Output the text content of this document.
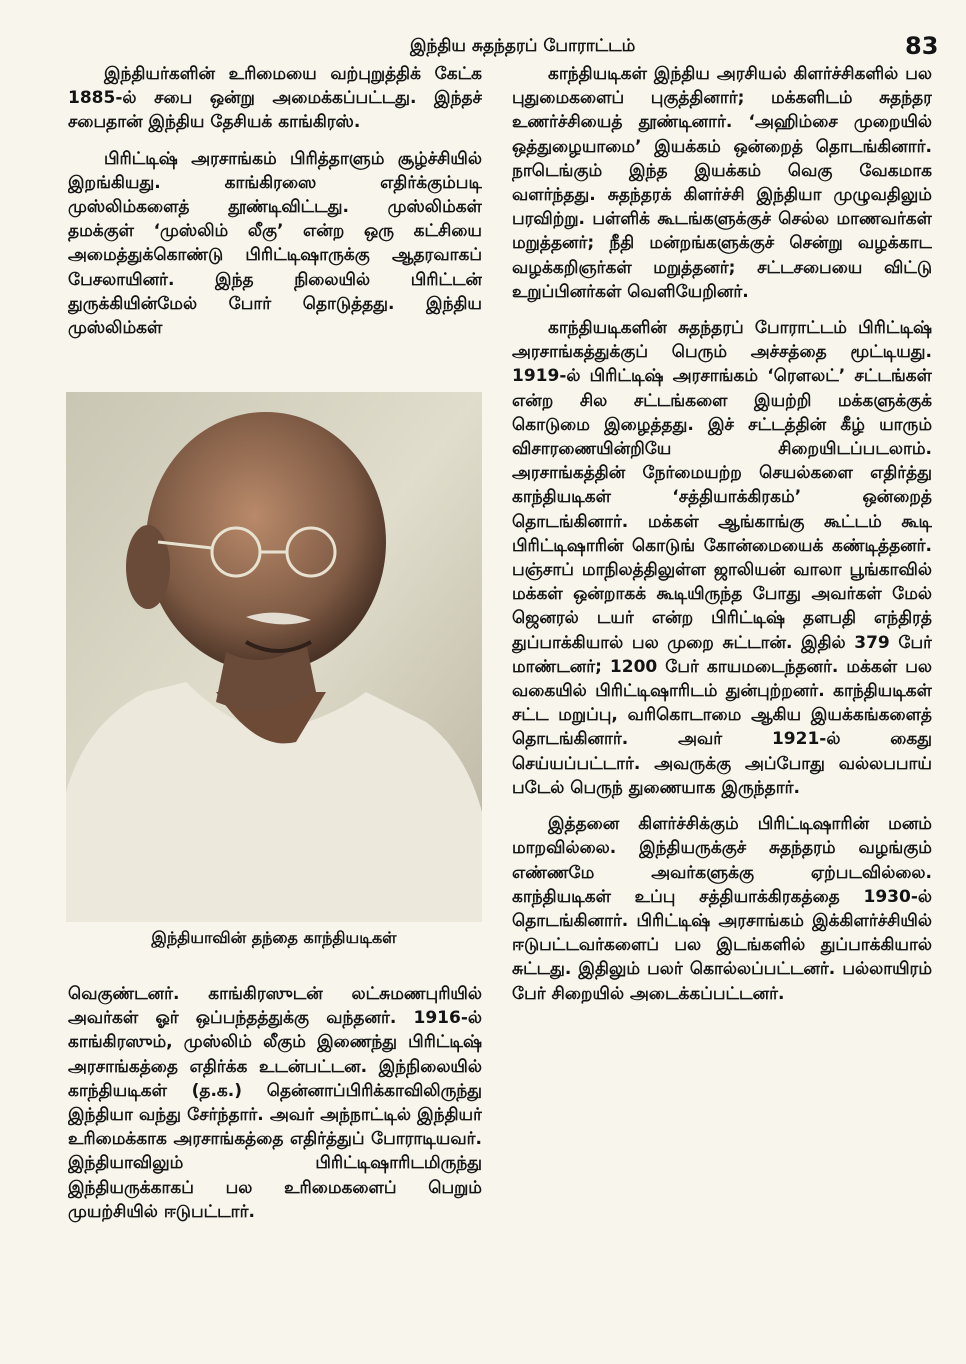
இந்திய சுதந்தரப் போராட்டம்	83

இந்தியர்களின் உரிமையை வற்புறுத்திக் கேட்க 1885-ல் சபை ஒன்று அமைக்கப்பட்டது. இந்தச் சபைதான் இந்திய தேசியக் காங்கிரஸ்.

பிரிட்டிஷ் அரசாங்கம் பிரித்தாளும் சூழ்ச்சியில் இறங்கியது. காங்கிரஸை எதிர்க்கும்படி முஸ்லிம்களைத் தூண்டிவிட்டது. முஸ்லிம்கள் தமக்குள் ‘முஸ்லிம் லீகு’ என்ற ஒரு கட்சியை அமைத்துக்கொண்டு பிரிட்டிஷாருக்கு ஆதரவாகப் பேசலாயினர். இந்த நிலையில் பிரிட்டன் துருக்கியின்மேல் போர் தொடுத்தது. இந்திய முஸ்லிம்கள்

இந்தியாவின் தந்தை காந்தியடிகள்

வெகுண்டனர். காங்கிரஸுடன் லட்சுமணபுரியில் அவர்கள் ஓர் ஒப்பந்தத்துக்கு வந்தனர். 1916-ல் காங்கிரஸும், முஸ்லிம் லீகும் இணைந்து பிரிட்டிஷ் அரசாங்கத்தை எதிர்க்க உடன்பட்டன. இந்நிலையில் காந்தியடிகள் (த.க.) தென்னாப்பிரிக்காவிலிருந்து இந்தியா வந்து சேர்ந்தார். அவர் அந்நாட்டில் இந்தியர் உரிமைக்காக அரசாங்கத்தை எதிர்த்துப் போராடியவர். இந்தியாவிலும் பிரிட்டிஷாரிடமிருந்து இந்தியருக்காகப் பல உரிமைகளைப் பெறும் முயற்சியில் ஈடுபட்டார்.

காந்தியடிகள் இந்திய அரசியல் கிளர்ச்சிகளில் பல புதுமைகளைப் புகுத்தினார்; மக்களிடம் சுதந்தர உணர்ச்சியைத் தூண்டினார். ‘அஹிம்சை முறையில் ஒத்துழையாமை’ இயக்கம் ஒன்றைத் தொடங்கினார். நாடெங்கும் இந்த இயக்கம் வெகு வேகமாக வளர்ந்தது. சுதந்தரக் கிளர்ச்சி இந்தியா முழுவதிலும் பரவிற்று. பள்ளிக் கூடங்களுக்குச் செல்ல மாணவர்கள் மறுத்தனர்; நீதி மன்றங்களுக்குச் சென்று வழக்காட வழக்கறிஞர்கள் மறுத்தனர்; சட்டசபையை விட்டு உறுப்பினர்கள் வெளியேறினர்.

காந்தியடிகளின் சுதந்தரப் போராட்டம் பிரிட்டிஷ் அரசாங்கத்துக்குப் பெரும் அச்சத்தை மூட்டியது. 1919-ல் பிரிட்டிஷ் அரசாங்கம் ‘ரௌலட்’ சட்டங்கள் என்ற சில சட்டங்களை இயற்றி மக்களுக்குக் கொடுமை இழைத்தது. இச் சட்டத்தின் கீழ் யாரும் விசாரணையின்றியே சிறையிடப்படலாம். அரசாங்கத்தின் நேர்மையற்ற செயல்களை எதிர்த்து காந்தியடிகள் ‘சத்தியாக்கிரகம்’ ஒன்றைத் தொடங்கினார். மக்கள் ஆங்காங்கு கூட்டம் கூடி பிரிட்டிஷாரின் கொடுங் கோன்மையைக் கண்டித்தனர். பஞ்சாப் மாநிலத்திலுள்ள ஜாலியன் வாலா பூங்காவில் மக்கள் ஒன்றாகக் கூடியிருந்த போது அவர்கள் மேல் ஜெனரல் டயர் என்ற பிரிட்டிஷ் தளபதி எந்திரத் துப்பாக்கியால் பல முறை சுட்டான். இதில் 379 பேர் மாண்டனர்; 1200 பேர் காயமடைந்தனர். மக்கள் பல வகையில் பிரிட்டிஷாரிடம் துன்புற்றனர். காந்தியடிகள் சட்ட மறுப்பு, வரிகொடாமை ஆகிய இயக்கங்களைத் தொடங்கினார். அவர் 1921-ல் கைது செய்யப்பட்டார். அவருக்கு அப்போது வல்லபபாய் படேல் பெருந் துணையாக இருந்தார்.

இத்தனை கிளர்ச்சிக்கும் பிரிட்டிஷாரின் மனம் மாறவில்லை. இந்தியருக்குச் சுதந்தரம் வழங்கும் எண்ணமே அவர்களுக்கு ஏற்படவில்லை. காந்தியடிகள் உப்பு சத்தியாக்கிரகத்தை 1930-ல் தொடங்கினார். பிரிட்டிஷ் அரசாங்கம் இக்கிளர்ச்சியில் ஈடுபட்டவர்களைப் பல இடங்களில் துப்பாக்கியால் சுட்டது. இதிலும் பலர் கொல்லப்பட்டனர். பல்லாயிரம் பேர் சிறையில் அடைக்கப்பட்டனர்.
